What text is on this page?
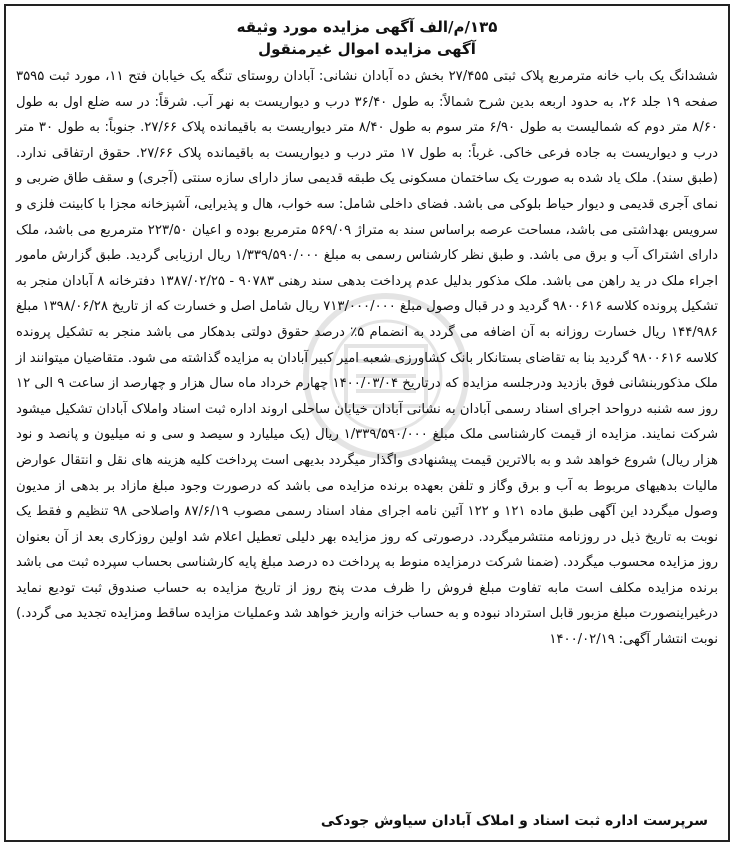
۱۳۵/م/الف آگهی مزایده مورد وثیقه
آگهی مزایده اموال غیرمنقول
ششدانگ یک باب خانه مترمربع پلاک ثبتی ۲۷/۴۵۵ بخش ده آبادان نشانی: آبادان روستای تنگه یک خیابان فتح ۱۱، مورد ثبت ۳۵۹۵ صفحه ۱۹ جلد ۲۶، به حدود اربعه بدین شرح شمالاً: به طول ۳۶/۴۰ درب و دیواریست به نهر آب. شرقاً: در سه ضلع اول به طول ۸/۶۰ متر دوم که شمالیست به طول ۶/۹۰ متر سوم به طول ۸/۴۰ متر دیواریست به باقیمانده پلاک ۲۷/۶۶. جنوباً: به طول ۳۰ متر درب و دیواریست به جاده فرعی خاکی. غرباً: به طول ۱۷ متر درب و دیواریست به باقیمانده پلاک ۲۷/۶۶. حقوق ارتفاقی ندارد. (طبق سند). ملک یاد شده به صورت یک ساختمان مسکونی یک طبقه قدیمی ساز دارای سازه سنتی (آجری) و سقف طاق ضربی و نمای آجری قدیمی و دیوار حیاط بلوکی می باشد. فضای داخلی شامل: سه خواب، هال و پذیرایی، آشپزخانه مجزا با کابینت فلزی و سرویس بهداشتی می باشد، مساحت عرصه براساس سند به متراژ ۵۶۹/۰۹ مترمربع بوده و اعیان ۲۲۳/۵۰ مترمربع می باشد، ملک دارای اشتراک آب و برق می باشد. و طبق نظر کارشناس رسمی به مبلغ ۱/۳۳۹/۵۹۰/۰۰۰ ریال ارزیابی گردید. طبق گزارش مامور اجراء ملک در ید راهن می باشد. ملک مذکور بدلیل عدم پرداخت بدهی سند رهنی ۹۰۷۸۳ - ۱۳۸۷/۰۲/۲۵ دفترخانه ۸ آبادان منجر به تشکیل پرونده کلاسه ۹۸۰۰۶۱۶ گردید و در قبال وصول مبلغ ۷۱۳/۰۰۰/۰۰۰ ریال شامل اصل و خسارت که از تاریخ ۱۳۹۸/۰۶/۲۸ مبلغ ۱۴۴/۹۸۶ ریال خسارت روزانه به آن اضافه می گردد به انضمام ۵٪ درصد حقوق دولتی بدهکار می باشد منجر به تشکیل پرونده کلاسه ۹۸۰۰۶۱۶ گردید بنا به تقاضای بستانکار بانک کشاورزی شعبه امیر کبیر آبادان به مزایده گذاشته می شود. متقاضیان میتوانند از ملک مذکوربنشانی فوق بازدید ودرجلسه مزایده که درتاریخ ۱۴۰۰/۰۳/۰۴ چهارم خرداد ماه سال هزار و چهارصد از ساعت ۹ الی ۱۲ روز سه شنبه درواحد اجرای اسناد رسمی آبادان به نشانی آبادان خیابان ساحلی اروند اداره ثبت اسناد واملاک آبادان تشکیل میشود شرکت نمایند. مزایده از قیمت کارشناسی ملک مبلغ ۱/۳۳۹/۵۹۰/۰۰۰ ریال (یک میلیارد و سیصد و سی و نه میلیون و پانصد و نود هزار ریال) شروع خواهد شد و به بالاترین قیمت پیشنهادی واگذار میگردد بدیهی است پرداخت کلیه هزینه های نقل و انتقال عوارض مالیات بدهیهای مربوط به آب و برق وگاز و تلفن بعهده برنده مزایده می باشد که درصورت وجود مبلغ مازاد بر بدهی از مدیون وصول میگردد این آگهی طبق ماده ۱۲۱ و ۱۲۲ آئین نامه اجرای مفاد اسناد رسمی مصوب ۸۷/۶/۱۹ واصلاحی ۹۸ تنظیم و فقط یک نوبت به تاریخ ذیل در روزنامه منتشرمیگردد. درصورتی که روز مزایده بهر دلیلی تعطیل اعلام شد اولین روزکاری بعد از آن بعنوان روز مزایده محسوب میگردد. (ضمنا شرکت درمزایده منوط به پرداخت ده درصد مبلغ پایه کارشناسی بحساب سپرده ثبت می باشد برنده مزایده مکلف است مابه تفاوت مبلغ فروش را ظرف مدت پنج روز از تاریخ مزایده به حساب صندوق ثبت توديع نمايد درغیراینصورت مبلغ مزبور قابل استرداد نبوده و به حساب خزانه واریز خواهد شد وعملیات مزایده ساقط ومزایده تجدید می گردد.) نوبت انتشار آگهی: ۱۴۰۰/۰۲/۱۹
سرپرست اداره ثبت اسناد و املاک آبادان سیاوش جودکی
